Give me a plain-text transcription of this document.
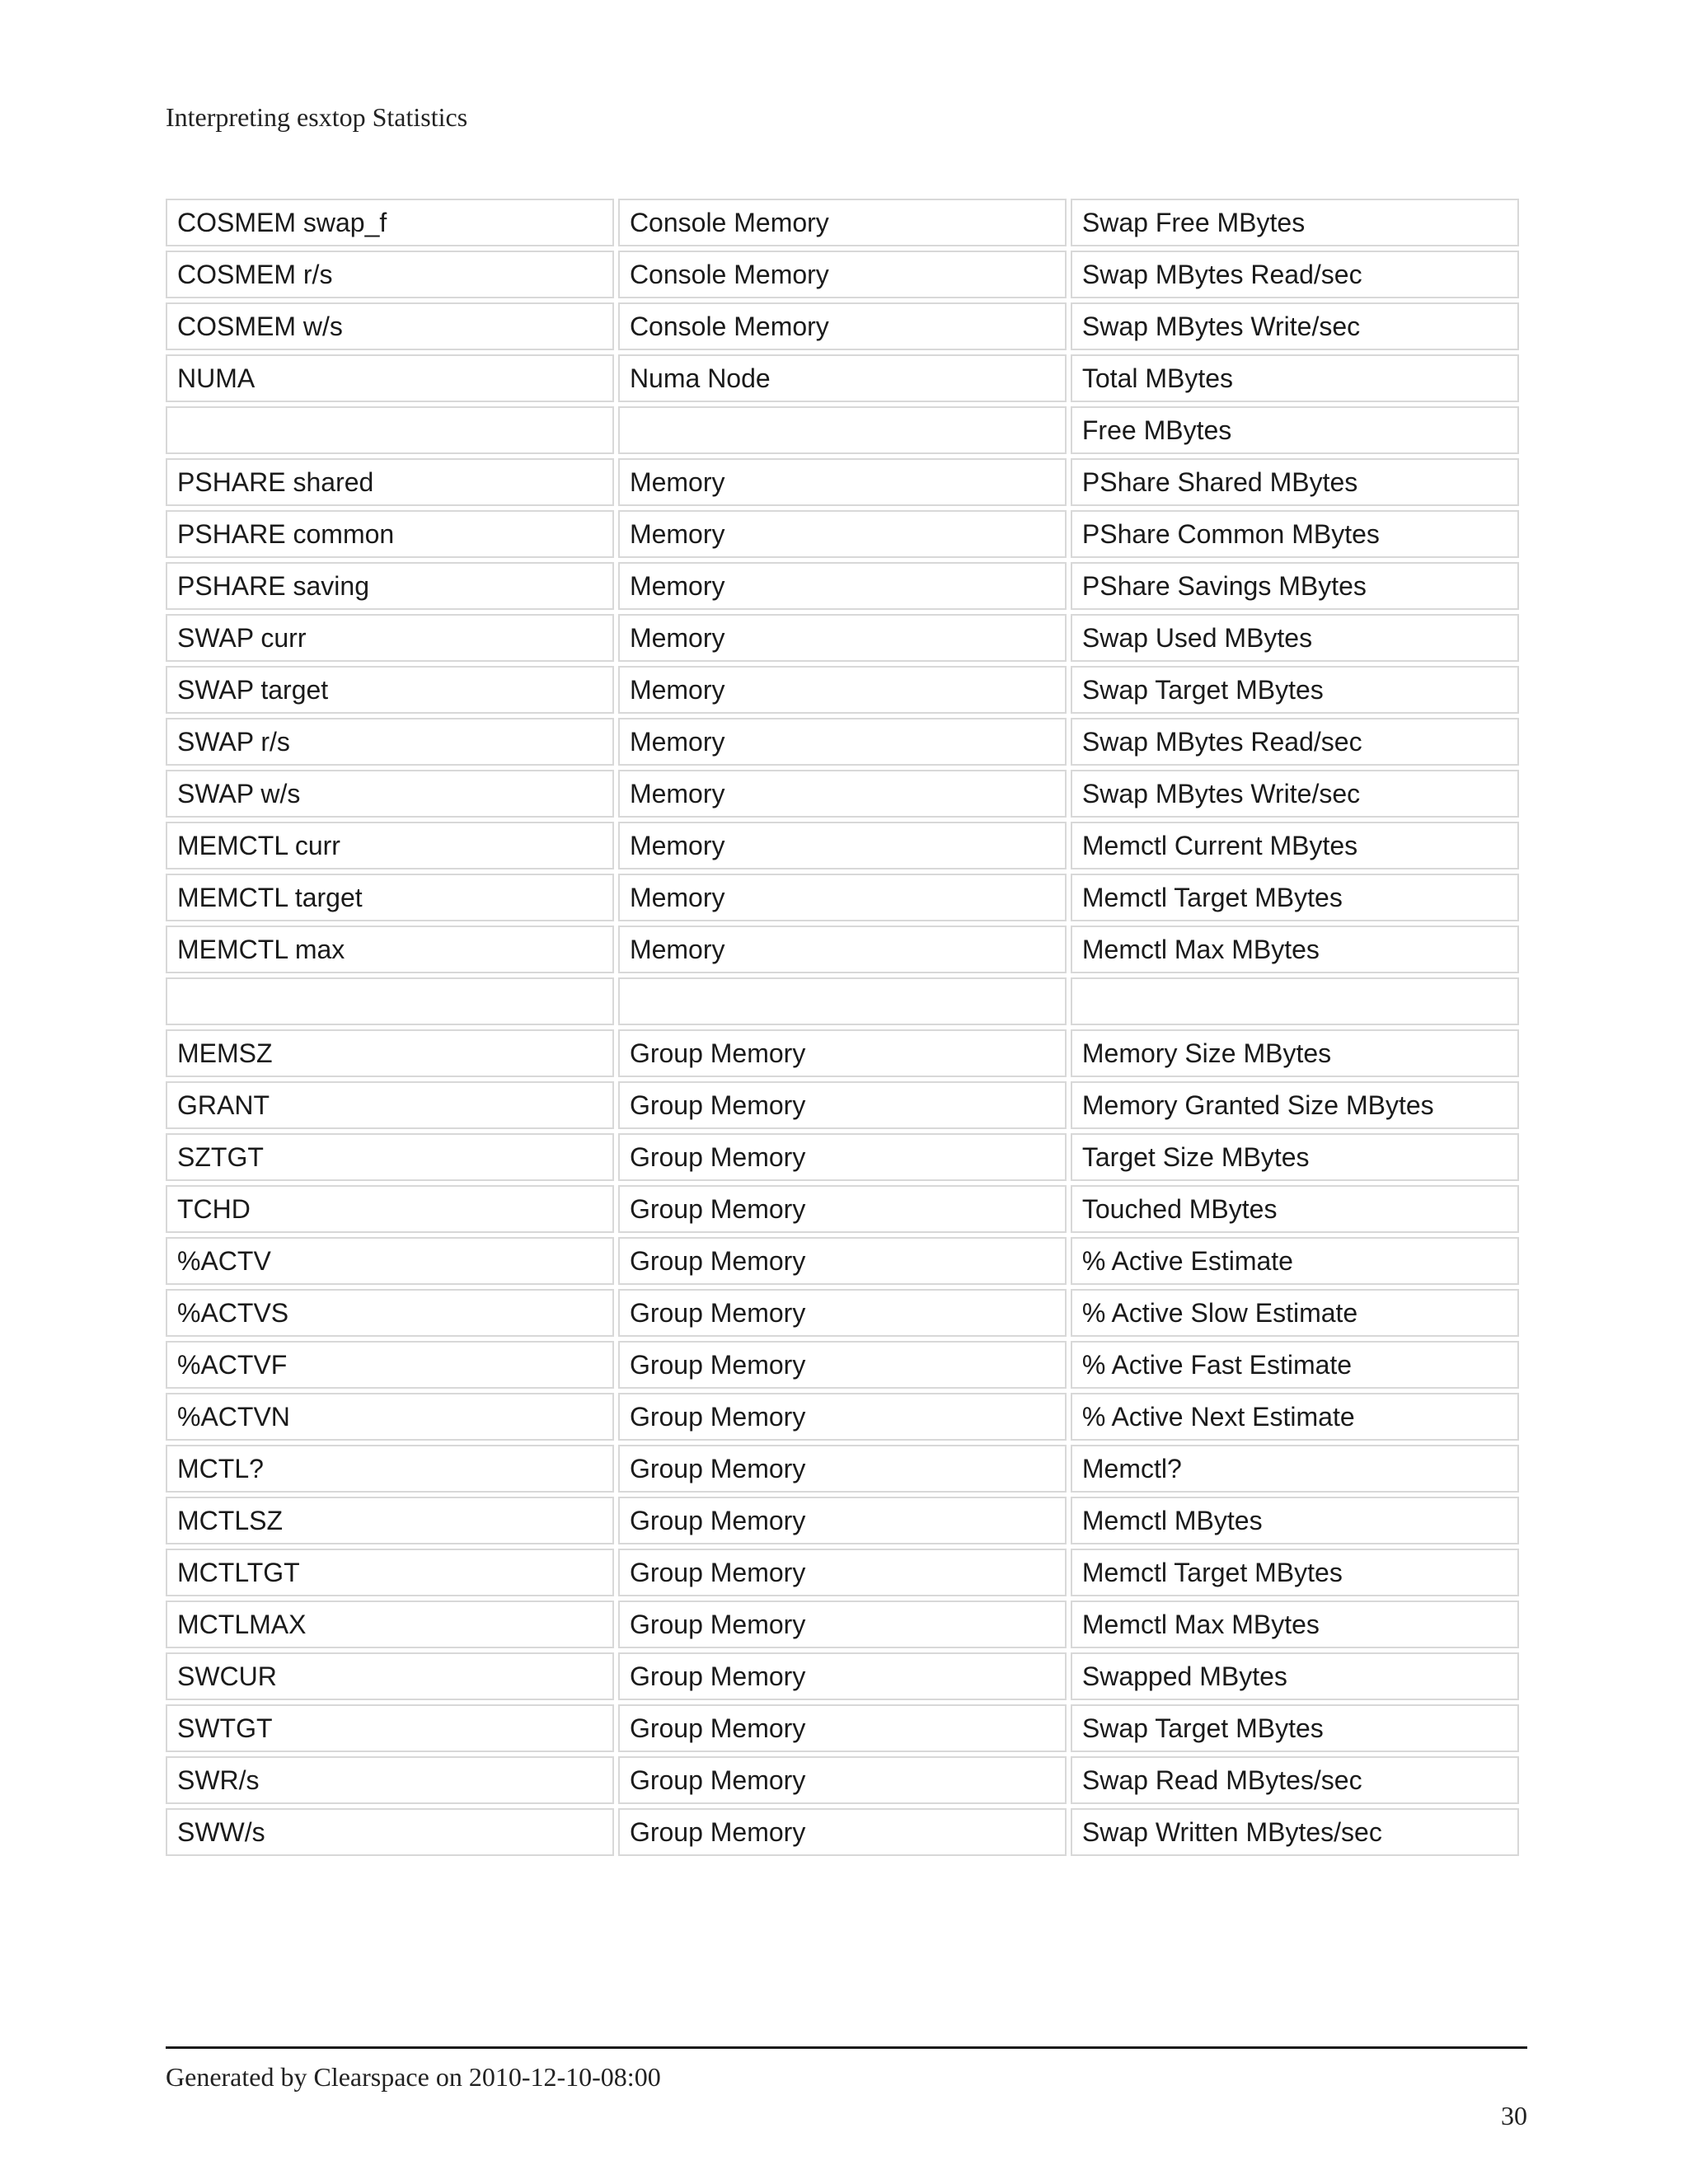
Interpreting esxtop Statistics
COSMEM swap_f	Console Memory	Swap Free MBytes
COSMEM r/s	Console Memory	Swap MBytes Read/sec
COSMEM w/s	Console Memory	Swap MBytes Write/sec
NUMA	Numa Node	Total MBytes
		Free MBytes
PSHARE shared	Memory	PShare Shared MBytes
PSHARE common	Memory	PShare Common MBytes
PSHARE saving	Memory	PShare Savings MBytes
SWAP curr	Memory	Swap Used MBytes
SWAP target	Memory	Swap Target MBytes
SWAP r/s	Memory	Swap MBytes Read/sec
SWAP w/s	Memory	Swap MBytes Write/sec
MEMCTL curr	Memory	Memctl Current MBytes
MEMCTL target	Memory	Memctl Target MBytes
MEMCTL max	Memory	Memctl Max MBytes

MEMSZ	Group Memory	Memory Size MBytes
GRANT	Group Memory	Memory Granted Size MBytes
SZTGT	Group Memory	Target Size MBytes
TCHD	Group Memory	Touched MBytes
%ACTV	Group Memory	% Active Estimate
%ACTVS	Group Memory	% Active Slow Estimate
%ACTVF	Group Memory	% Active Fast Estimate
%ACTVN	Group Memory	% Active Next Estimate
MCTL?	Group Memory	Memctl?
MCTLSZ	Group Memory	Memctl MBytes
MCTLTGT	Group Memory	Memctl Target MBytes
MCTLMAX	Group Memory	Memctl Max MBytes
SWCUR	Group Memory	Swapped MBytes
SWTGT	Group Memory	Swap Target MBytes
SWR/s	Group Memory	Swap Read MBytes/sec
SWW/s	Group Memory	Swap Written MBytes/sec
Generated by Clearspace on 2010-12-10-08:00
30
